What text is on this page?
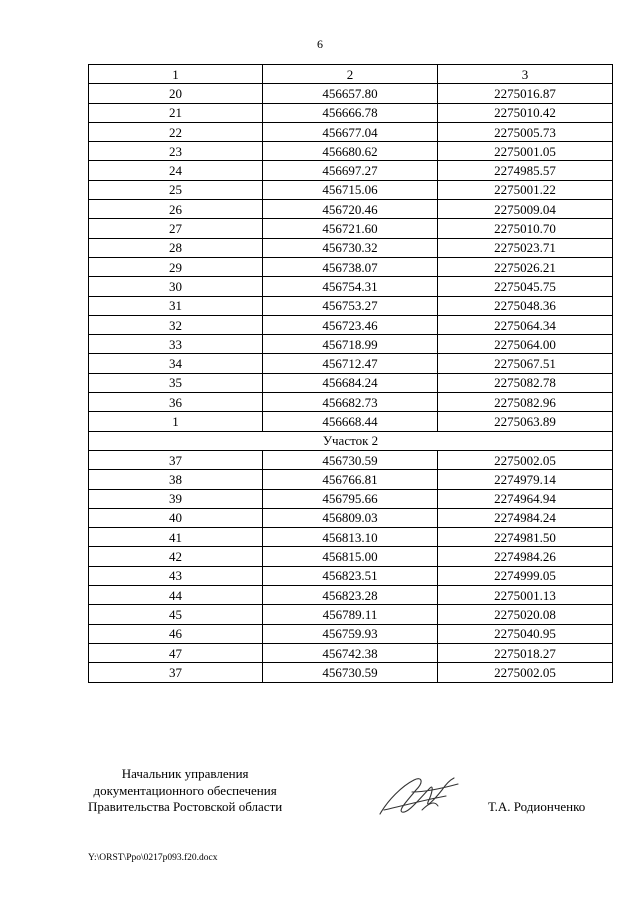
6
1	2	3
20	456657.80	2275016.87
21	456666.78	2275010.42
22	456677.04	2275005.73
23	456680.62	2275001.05
24	456697.27	2274985.57
25	456715.06	2275001.22
26	456720.46	2275009.04
27	456721.60	2275010.70
28	456730.32	2275023.71
29	456738.07	2275026.21
30	456754.31	2275045.75
31	456753.27	2275048.36
32	456723.46	2275064.34
33	456718.99	2275064.00
34	456712.47	2275067.51
35	456684.24	2275082.78
36	456682.73	2275082.96
1	456668.44	2275063.89
Участок 2		
37	456730.59	2275002.05
38	456766.81	2274979.14
39	456795.66	2274964.94
40	456809.03	2274984.24
41	456813.10	2274981.50
42	456815.00	2274984.26
43	456823.51	2274999.05
44	456823.28	2275001.13
45	456789.11	2275020.08
46	456759.93	2275040.95
47	456742.38	2275018.27
37	456730.59	2275002.05
Начальник управления
документационного обеспечения
Правительства Ростовской области	Т.А. Родионченко
Y:\ORST\Ppo\0217p093.f20.docx
